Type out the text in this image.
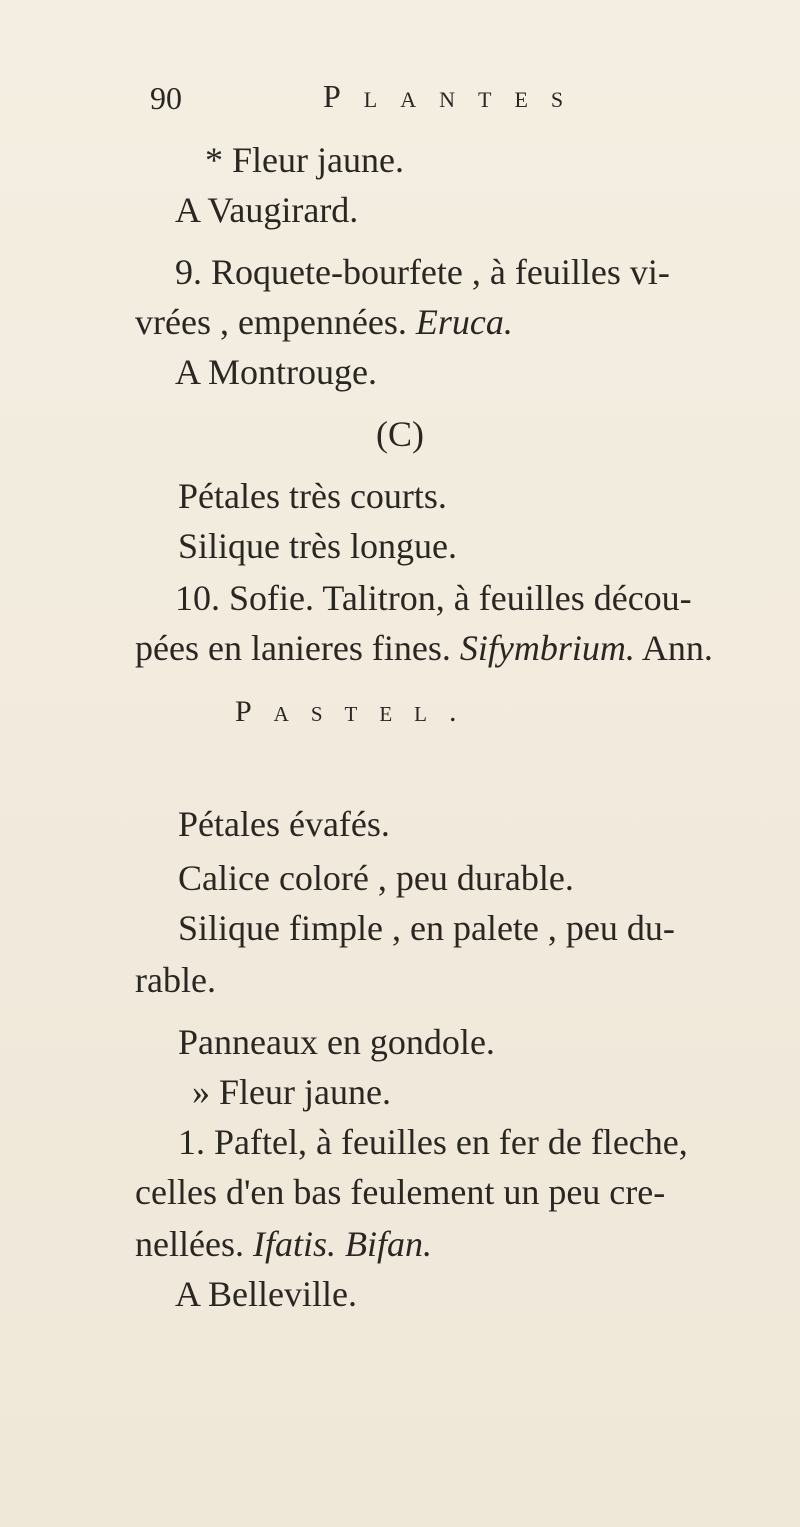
90	Plantes
* Fleur jaune.
A Vaugirard.
9. Roquete-bourfete , à feuilles vi-
vrées , empennées. Eruca.
A Montrouge.
(C)
Pétales très courts.
Silique très longue.
10. Sofie. Talitron, à feuilles décou-
pées en lanieres fines. Sifymbrium. Ann.
Pastel.
Pétales évafés.
Calice coloré , peu durable.
Silique fimple , en palete , peu du-
rable.
Panneaux en gondole.
» Fleur jaune.
1. Paftel, à feuilles en fer de fleche,
celles d'en bas feulement un peu cre-
nellées. Ifatis. Bifan.
A Belleville.
